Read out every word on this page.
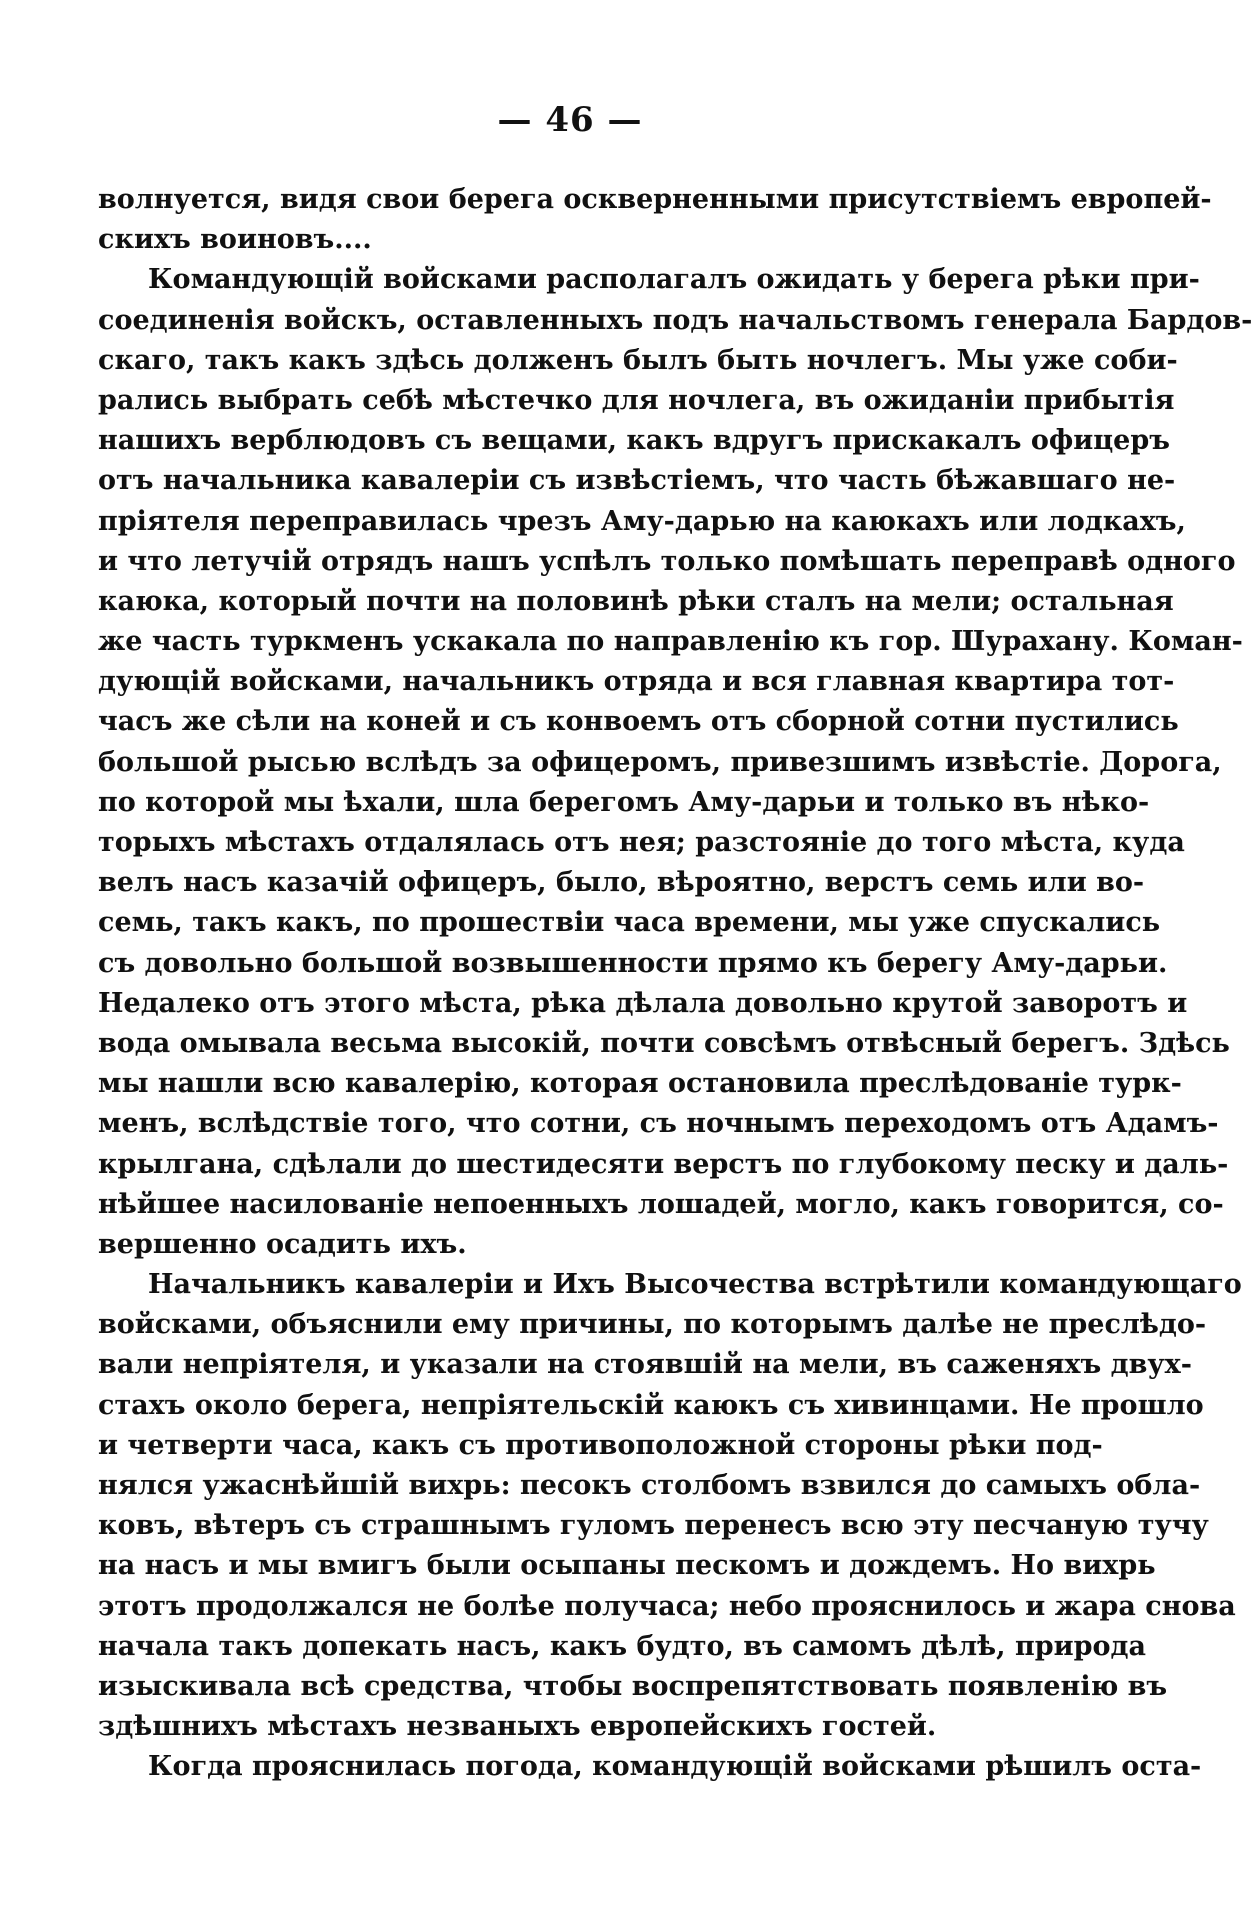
— 46 —
волнуется, видя свои берега оскверненными присутствіемъ европей-
скихъ воиновъ....
Командующій войсками располагалъ ожидать у берега рѣки при-
соединенія войскъ, оставленныхъ подъ начальствомъ генерала Бардов-
скаго, такъ какъ здѣсь долженъ былъ быть ночлегъ. Мы уже соби-
рались выбрать себѣ мѣстечко для ночлега, въ ожиданіи прибытія
нашихъ верблюдовъ съ вещами, какъ вдругъ прискакалъ офицеръ
отъ начальника кавалеріи съ извѣстіемъ, что часть бѣжавшаго не-
пріятеля переправилась чрезъ Аму-дарью на каюкахъ или лодкахъ,
и что летучій отрядъ нашъ успѣлъ только помѣшать переправѣ одного
каюка, который почти на половинѣ рѣки сталъ на мели; остальная
же часть туркменъ ускакала по направленію къ гор. Шурахану. Коман-
дующій войсками, начальникъ отряда и вся главная квартира тот-
часъ же сѣли на коней и съ конвоемъ отъ сборной сотни пустились
большой рысью вслѣдъ за офицеромъ, привезшимъ извѣстіе. Дорога,
по которой мы ѣхали, шла берегомъ Аму-дарьи и только въ нѣко-
торыхъ мѣстахъ отдалялась отъ нея; разстояніе до того мѣста, куда
велъ насъ казачій офицеръ, было, вѣроятно, верстъ семь или во-
семь, такъ какъ, по прошествіи часа времени, мы уже спускались
съ довольно большой возвышенности прямо къ берегу Аму-дарьи.
Недалеко отъ этого мѣста, рѣка дѣлала довольно крутой заворотъ и
вода омывала весьма высокій, почти совсѣмъ отвѣсный берегъ. Здѣсь
мы нашли всю кавалерію, которая остановила преслѣдованіе турк-
менъ, вслѣдствіе того, что сотни, съ ночнымъ переходомъ отъ Адамъ-
крылгана, сдѣлали до шестидесяти верстъ по глубокому песку и даль-
нѣйшее насилованіе непоенныхъ лошадей, могло, какъ говорится, со-
вершенно осадить ихъ.
Начальникъ кавалеріи и Ихъ Высочества встрѣтили командующаго
войсками, объяснили ему причины, по которымъ далѣе не преслѣдо-
вали непріятеля, и указали на стоявшій на мели, въ саженяхъ двух-
стахъ около берега, непріятельскій каюкъ съ хивинцами. Не прошло
и четверти часа, какъ съ противоположной стороны рѣки под-
нялся ужаснѣйшій вихрь: песокъ столбомъ взвился до самыхъ обла-
ковъ, вѣтеръ съ страшнымъ гуломъ перенесъ всю эту песчаную тучу
на насъ и мы вмигъ были осыпаны пескомъ и дождемъ. Но вихрь
этотъ продолжался не болѣе получаса; небо прояснилось и жара снова
начала такъ допекать насъ, какъ будто, въ самомъ дѣлѣ, природа
изыскивала всѣ средства, чтобы воспрепятствовать появленію въ
здѣшнихъ мѣстахъ незваныхъ европейскихъ гостей.
Когда прояснилась погода, командующій войсками рѣшилъ оста-
